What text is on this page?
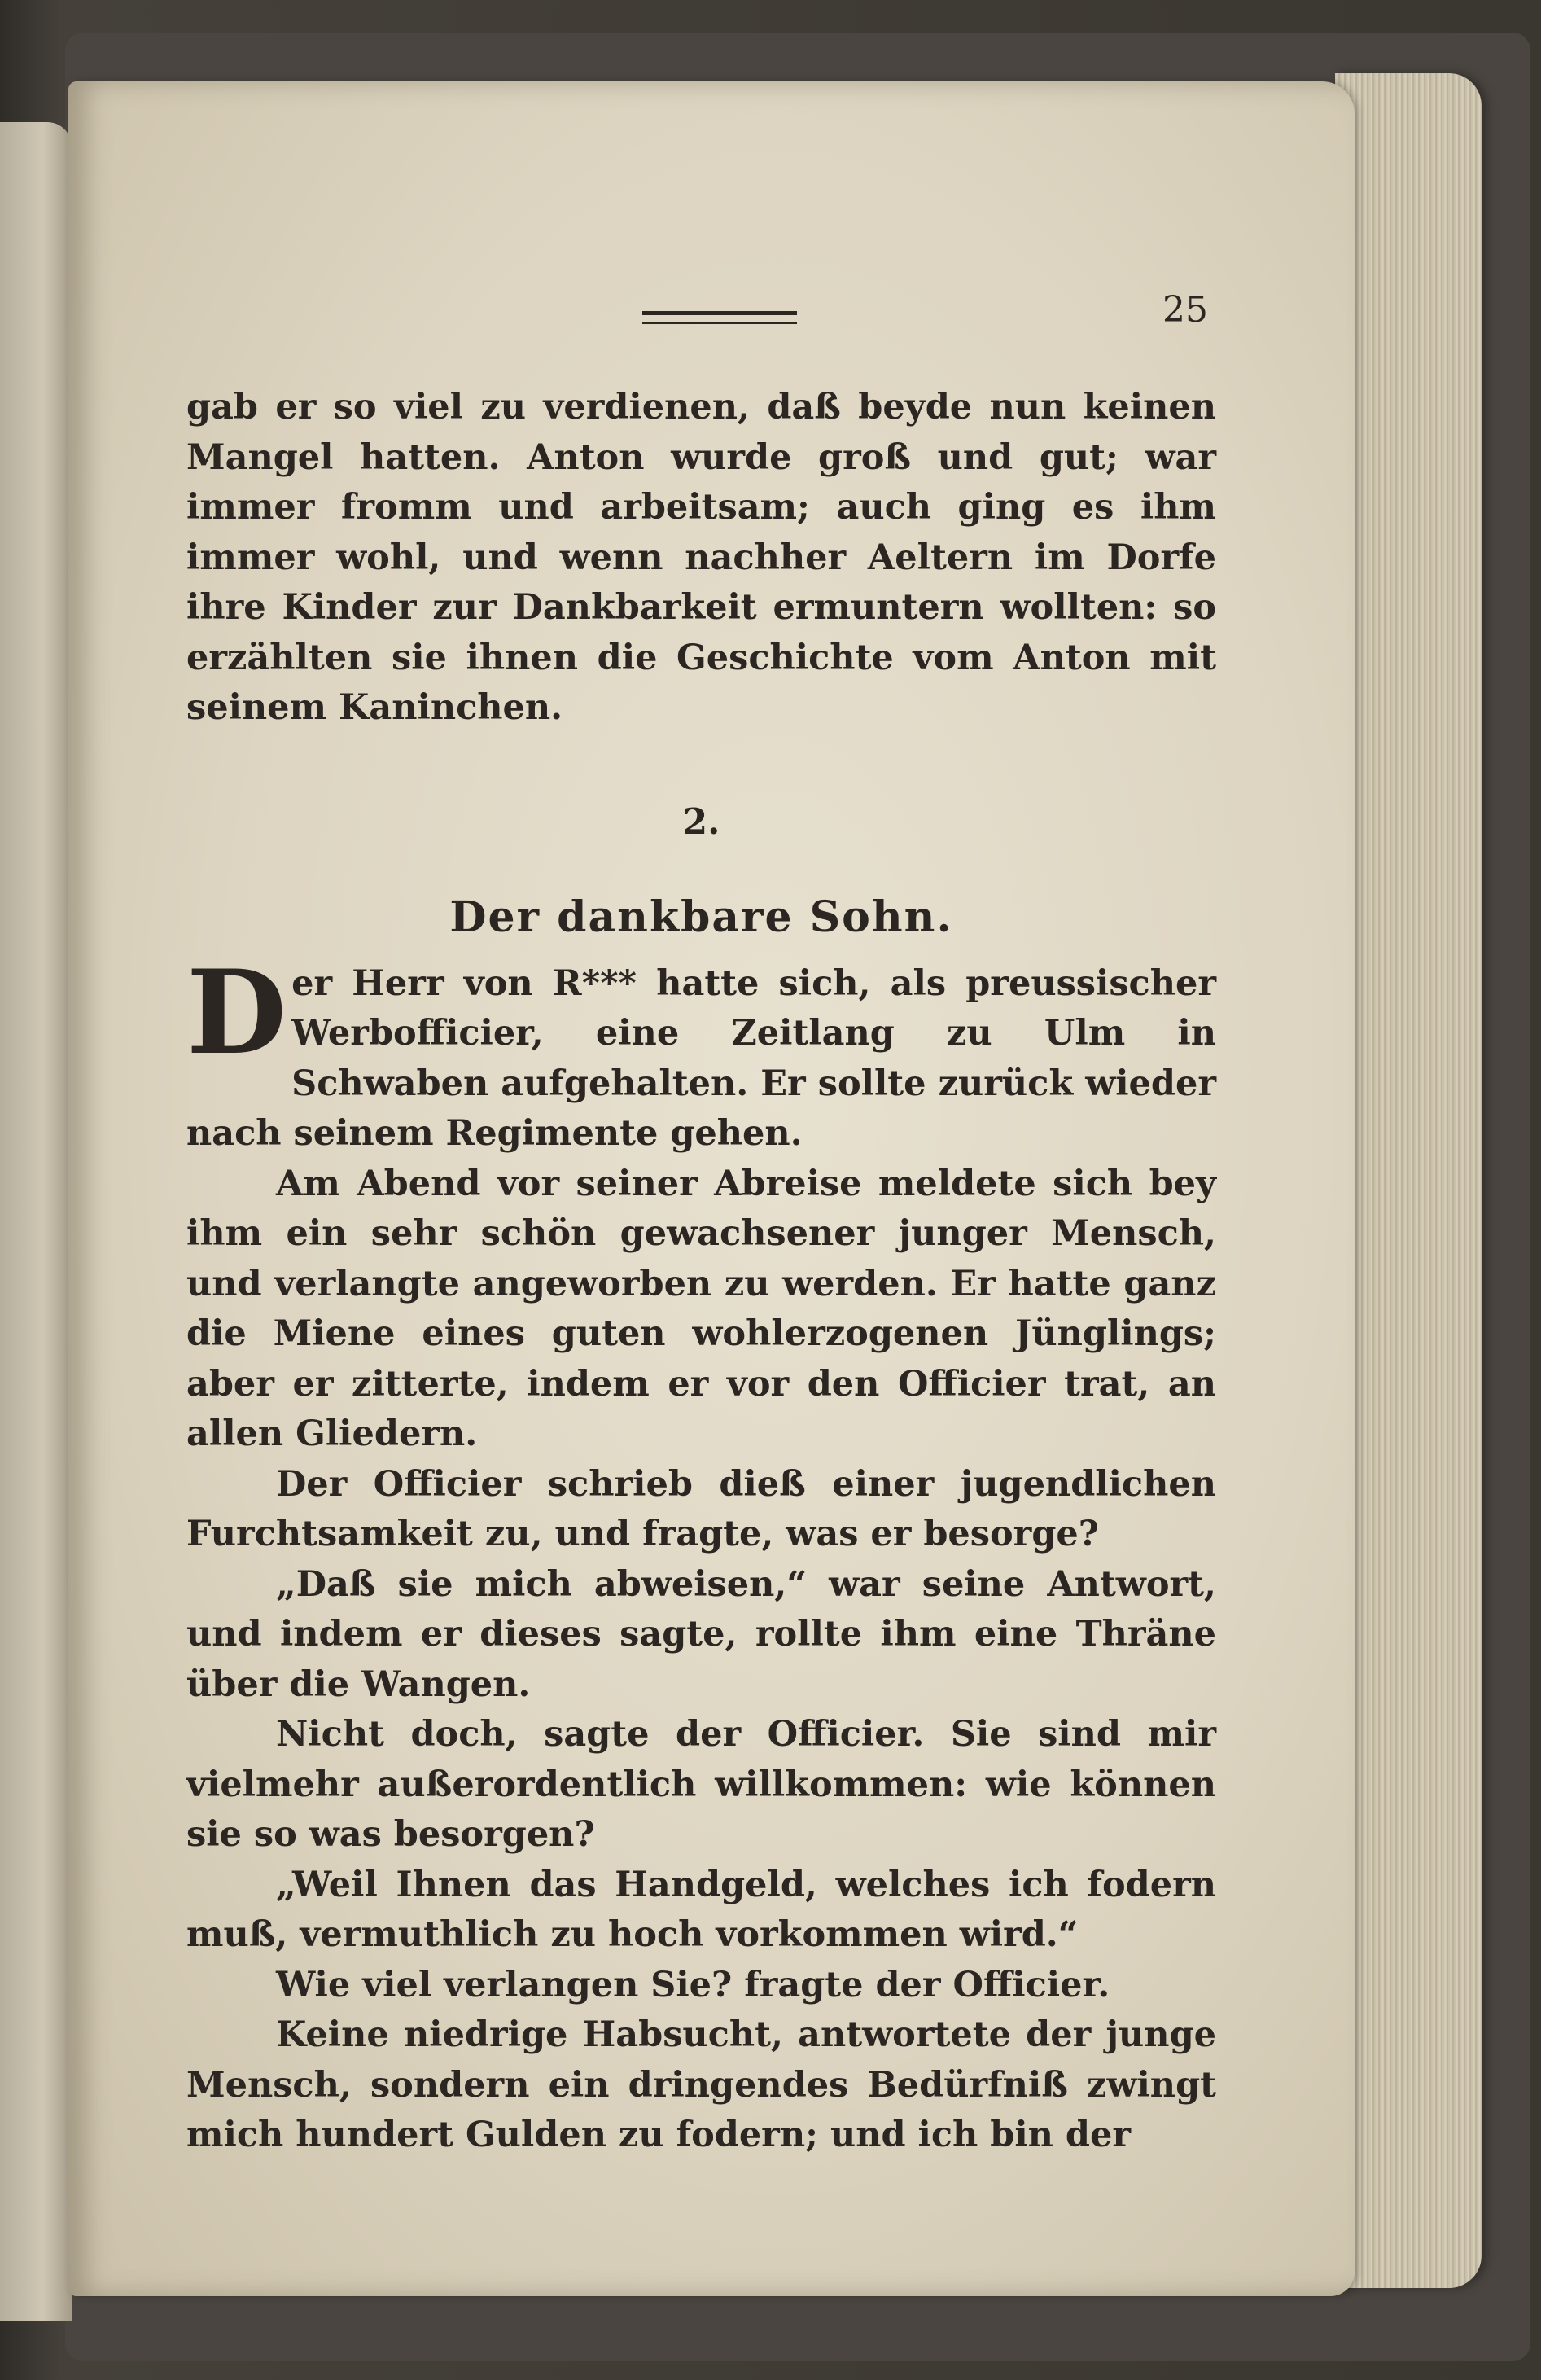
25

gab er so viel zu verdienen, daß beyde nun keinen Mangel hatten. Anton wurde groß und gut; war immer fromm und arbeitsam; auch ging es ihm immer wohl, und wenn nachher Aeltern im Dorfe ihre Kinder zur Dankbarkeit ermuntern wollten: so erzählten sie ihnen die Geschichte vom Anton mit seinem Kaninchen.

2.
Der dankbare Sohn.

Der Herr von R*** hatte sich, als preussischer Werbofficier, eine Zeitlang zu Ulm in Schwaben aufgehalten. Er sollte zurück wieder nach seinem Regimente gehen.

Am Abend vor seiner Abreise meldete sich bey ihm ein sehr schön gewachsener junger Mensch, und verlangte angeworben zu werden. Er hatte ganz die Miene eines guten wohlerzogenen Jünglings; aber er zitterte, indem er vor den Officier trat, an allen Gliedern.

Der Officier schrieb dieß einer jugendlichen Furchtsamkeit zu, und fragte, was er besorge?

„Daß sie mich abweisen,“ war seine Antwort, und indem er dieses sagte, rollte ihm eine Thräne über die Wangen.

Nicht doch, sagte der Officier. Sie sind mir vielmehr außerordentlich willkommen: wie können sie so was besorgen?

„Weil Ihnen das Handgeld, welches ich fodern muß, vermuthlich zu hoch vorkommen wird.“

Wie viel verlangen Sie? fragte der Officier.

Keine niedrige Habsucht, antwortete der junge Mensch, sondern ein dringendes Bedürfniß zwingt mich hundert Gulden zu fodern; und ich bin der
